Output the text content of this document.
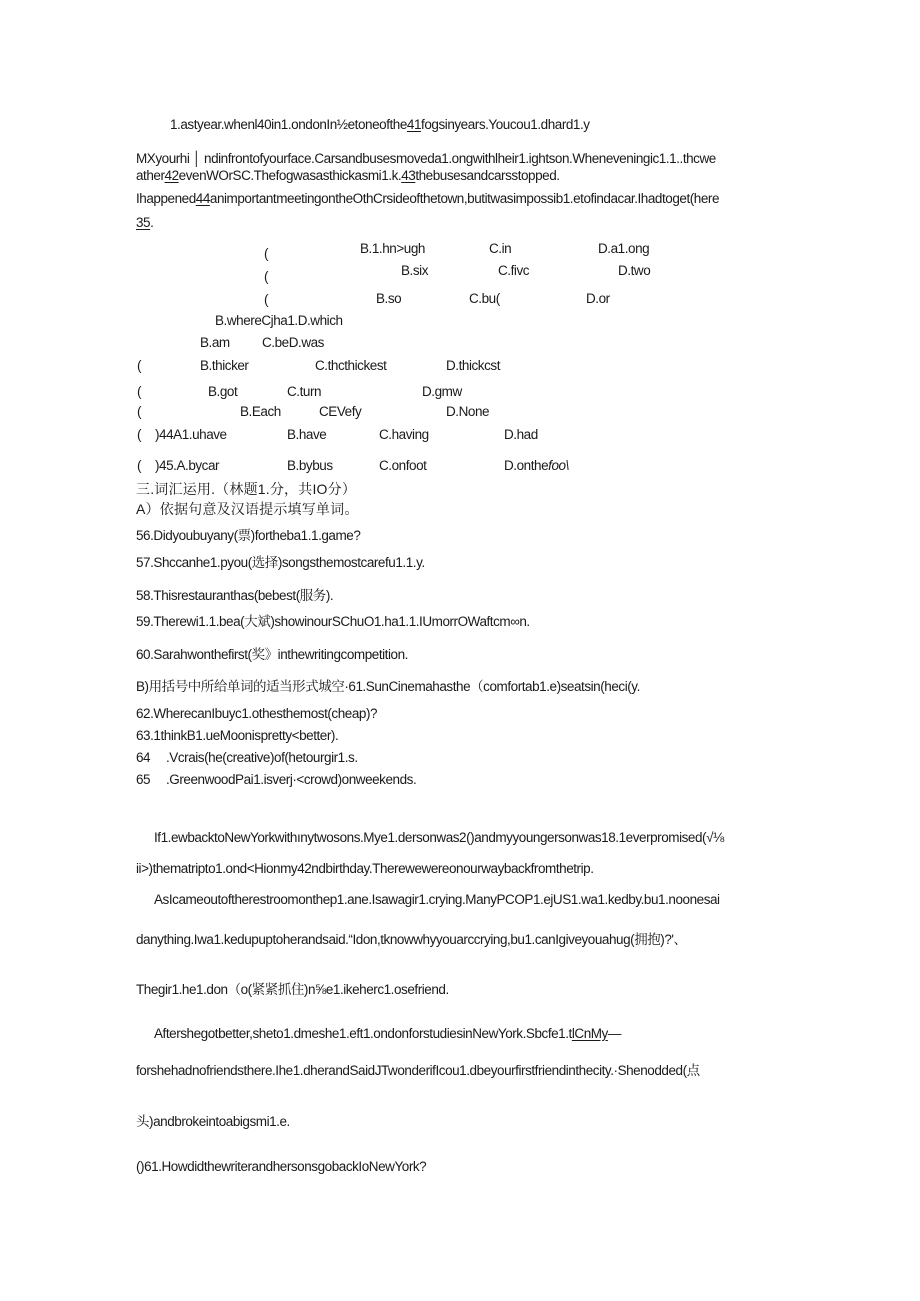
1.astyear.whenl40in1.ondonIn½etoneofthe41fogsinyears.Youcou1.dhard1.y
MXyourhi │ ndinfrontofyourface.Carsandbusesmoveda1.ongwithlheir1.ightson.Wheneveningic1.1..thcwe
ather42evenWOrSC.Thefogwasasthickasmi1.k.43thebusesandcarsstopped.
Ihappened44animportantmeetingontheOthCrsideofthetown,butitwasimpossib1.etofindacar.Ihadtoget(here
35.
(	B.1.hn>ugh	C.in	D.a1.ong
(	B.six	C.fivc	D.two
(	B.so	C.bu(	D.or
B.whereCjha1.D.which
B.am C.beD.was
(	B.thicker	C.thcthickest	D.thickcst
(	B.got	C.turn	D.gmw
(	B.Each	CEVefy	D.None
( )44A1.uhave	B.have	C.having	D.had
( )45.A.bycar	B.bybus	C.onfoot	D.onthefoo\
三.词汇运用.（林题1.分，共IO分）
A）依据句意及汉语提示填写单词。
56.Didyoubuyany(票)fortheba1.1.game?
57.Shccanhe1.pyou(选择)songsthemostcarefu1.1.y.
58.Thisrestauranthas(bebest(服务).
59.Therewi1.1.bea(大斌)showinourSChuO1.ha1.1.IUmorrOWaftcm∞n.
60.Sarahwonthefirst(奖》inthewritingcompetition.
B)用括号中所给单词的适当形式城空·61.SunCinemahasthe（comfortab1.e)seatsin(heci(y.
62.WherecanIbuyc1.othesthemost(cheap)?
63.1thinkB1.ueMoonispretty<better).
64 .Vcrais(he(creative)of(hetourgir1.s.
65 .GreenwoodPai1.isverj·<crowd)onweekends.
If1.ewbacktoNewYorkwithınytwosons.Mye1.dersonwas2()andmyyoungersonwas18.1everpromised(√⅛
ii>)thematripto1.ond<Hionmy42ndbirthday.Therewewereonourwaybackfromthetrip.
AsIcameoutoftherestroomonthep1.ane.Isawagir1.crying.ManyPCOP1.ejUS1.wa1.kedby.bu1.noonesai
danything.Iwa1.kedupuptoherandsaid.“Idon,tknowwhyyouarccrying,bu1.canIgiveyouahug(拥抱)?'、
Thegir1.he1.don（o(紧紧抓住)n⅝e1.ikeherc1.osefriend.
Aftershegotbetter,sheto1.dmeshe1.eft1.ondonforstudiesinNewYork.Sbcfe1.tlCnMy—
forshehadnofriendsthere.Ihe1.dherandSaidJTwonderifIcou1.dbeyourfirstfriendinthecity.·Shenodded(点
头)andbrokeintoabigsmi1.e.
()61.HowdidthewriterandhersonsgobackIoNewYork?
